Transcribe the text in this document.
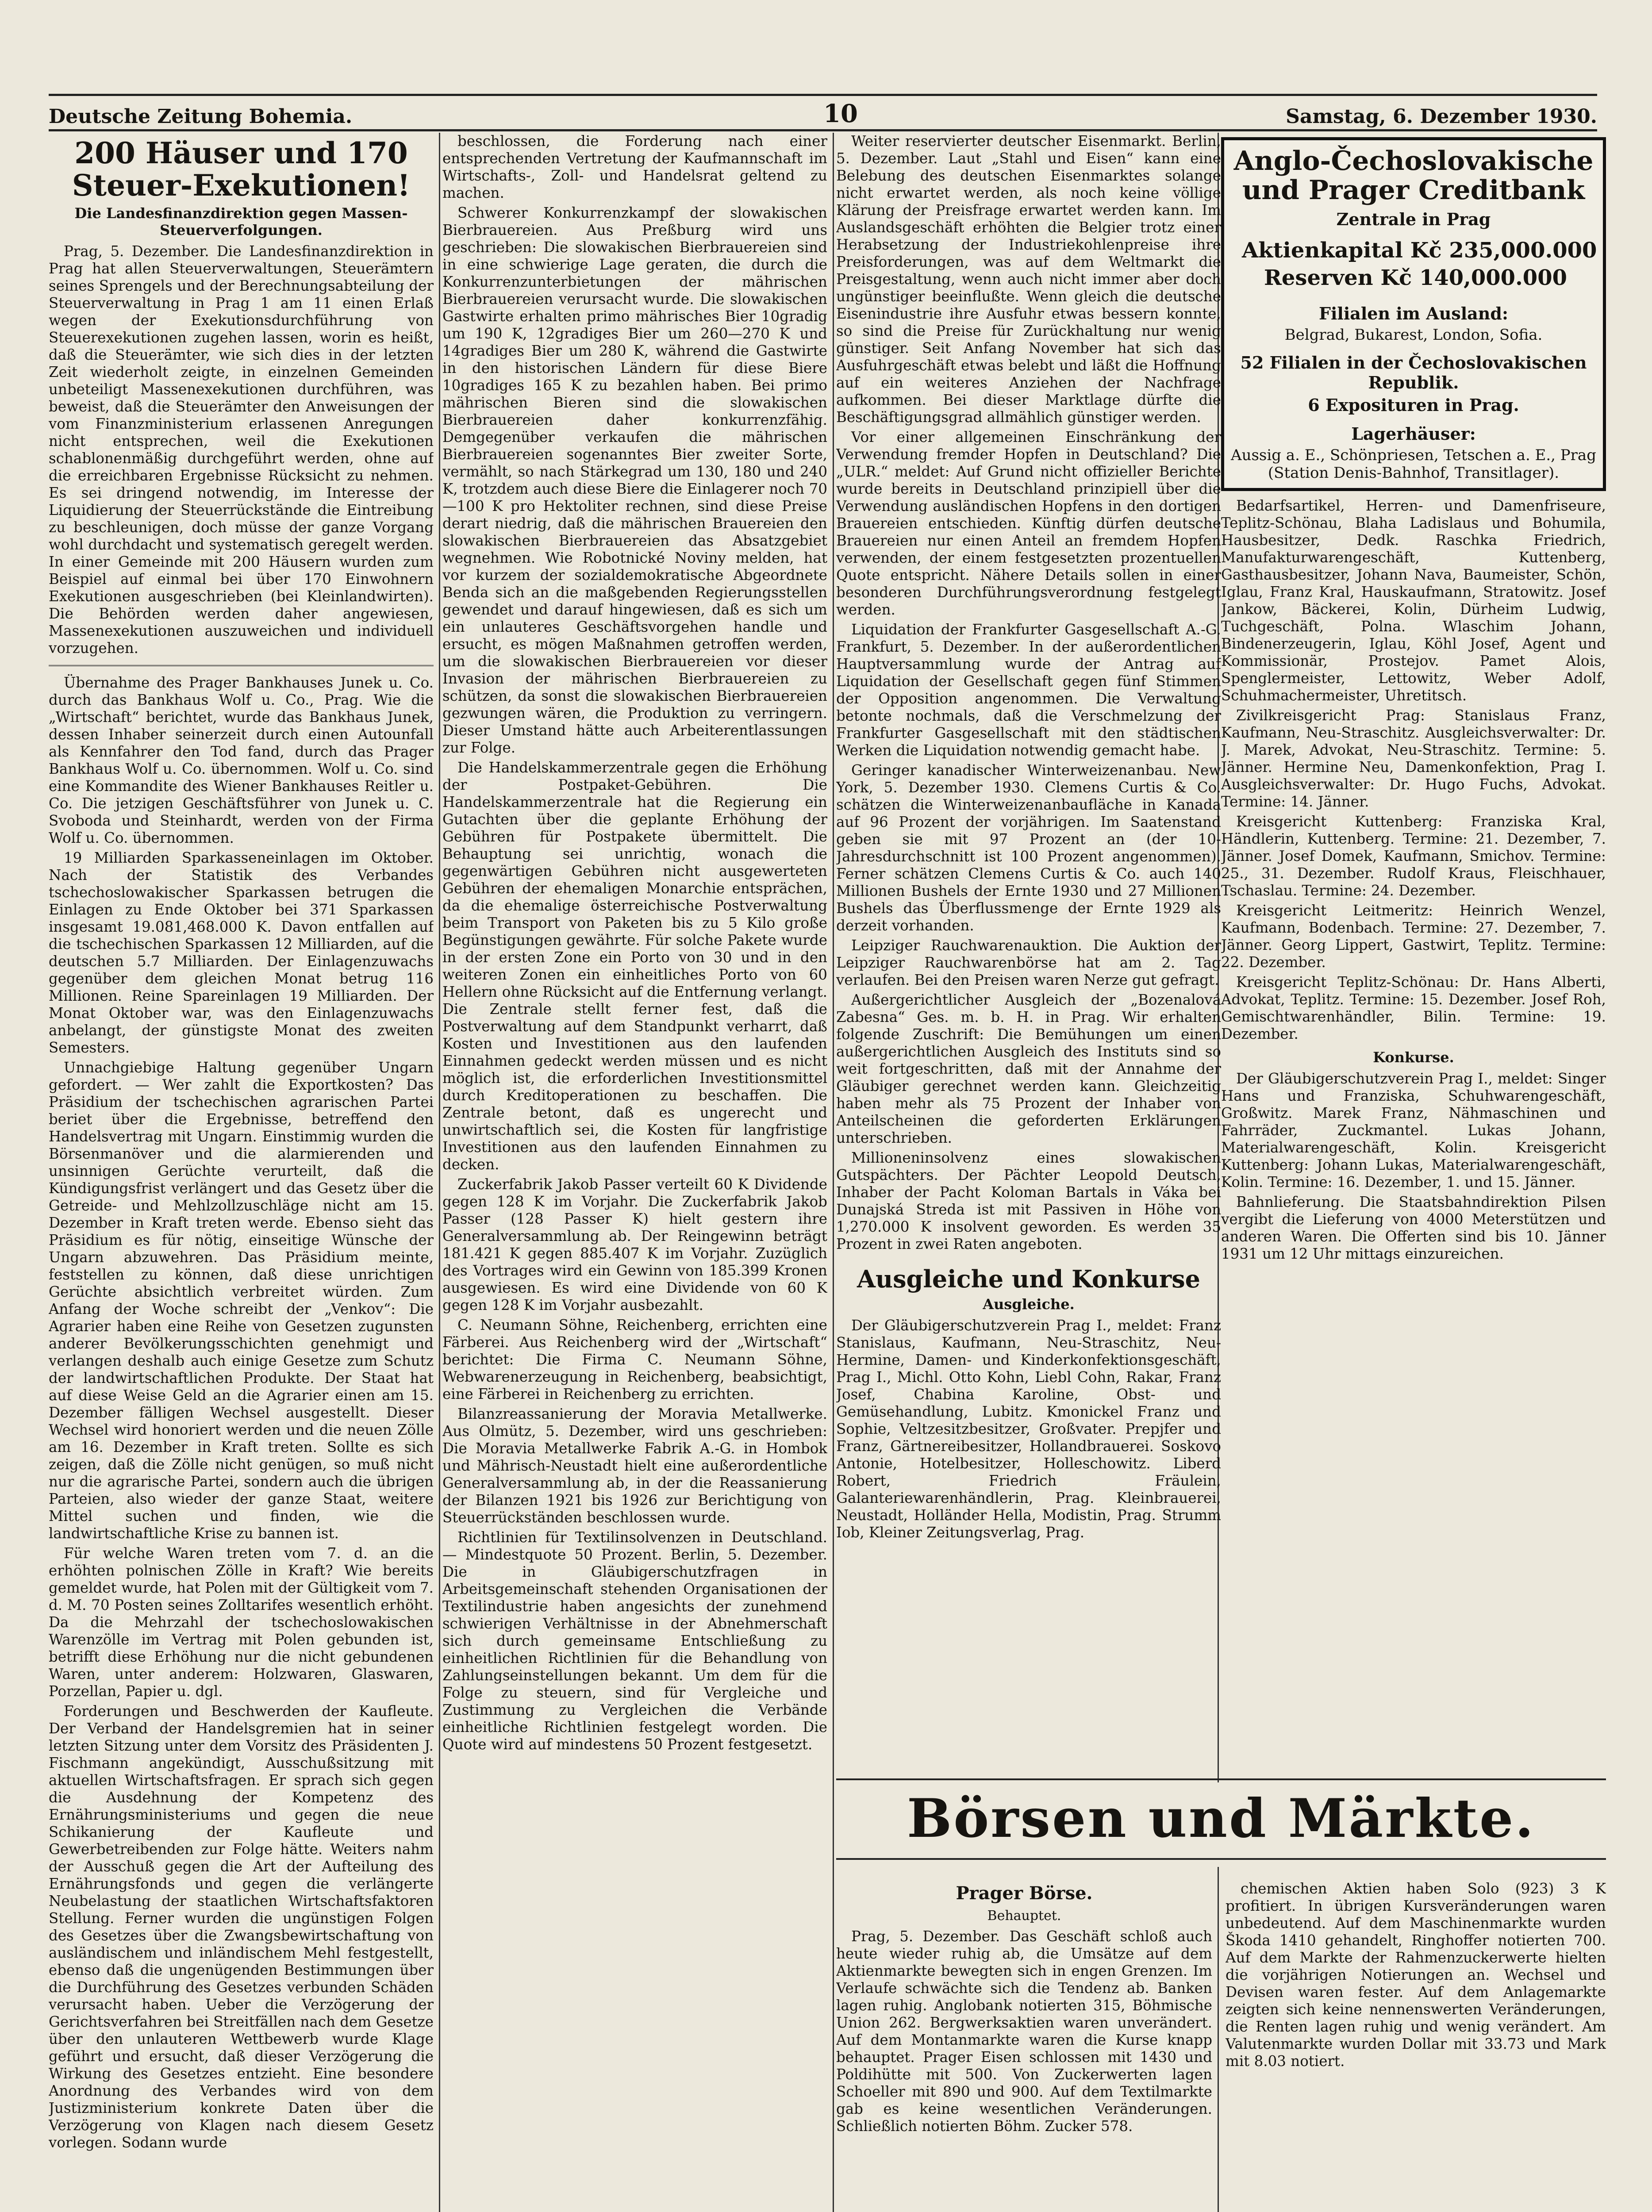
Deutsche Zeitung Bohemia.	10	Samstag, 6. Dezember 1930.
200 Häuser und 170 Steuer-Exekutionen!
Die Landesfinanzdirektion gegen Massen-Steuerverfolgungen.

Prag, 5. Dezember. Die Landesfinanzdirektion in Prag hat allen Steuerverwaltungen, Steuerämtern seines Sprengels und der Berechnungsabteilung der Steuerverwaltung in Prag 1 am 11 einen Erlaß wegen der Exekutionsdurchführung von Steuerexekutionen zugehen lassen, worin es heißt, daß die Steuerämter, wie sich dies in der letzten Zeit wiederholt zeigte, in einzelnen Gemeinden unbeteiligt Massenexekutionen durchführen, was beweist, daß die Steuerämter den Anweisungen der vom Finanzministerium erlassenen Anregungen nicht entsprechen, weil die Exekutionen schablonenmäßig durchgeführt werden, ohne auf die erreichbaren Ergebnisse Rücksicht zu nehmen. Es sei dringend notwendig, im Interesse der Liquidierung der Steuerrückstände die Eintreibung zu beschleunigen, doch müsse der ganze Vorgang wohl durchdacht und systematisch geregelt werden. In einer Gemeinde mit 200 Häusern wurden zum Beispiel auf einmal bei über 170 Einwohnern Exekutionen ausgeschrieben (bei Kleinlandwirten). Die Behörden werden daher angewiesen, Massenexekutionen auszuweichen und individuell vorzugehen.

Übernahme des Prager Bankhauses Junek u. Co. durch das Bankhaus Wolf u. Co., Prag. Wie die „Wirtschaft“ berichtet, wurde das Bankhaus Junek, dessen Inhaber seinerzeit durch einen Autounfall als Kennfahrer den Tod fand, durch das Prager Bankhaus Wolf u. Co. übernommen. Wolf u. Co. sind eine Kommandite des Wiener Bankhauses Reitler u. Co. Die jetzigen Geschäftsführer von Junek u. C. Svoboda und Steinhardt, werden von der Firma Wolf u. Co. übernommen.

19 Milliarden Sparkasseneinlagen im Oktober. Nach der Statistik des Verbandes tschechoslowakischer Sparkassen betrugen die Einlagen zu Ende Oktober bei 371 Sparkassen insgesamt 19.081,468.000 K. Davon entfallen auf die tschechischen Sparkassen 12 Milliarden, auf die deutschen 5.7 Milliarden. Der Einlagenzuwachs gegenüber dem gleichen Monat betrug 116 Millionen. Reine Spareinlagen 19 Milliarden. Der Monat Oktober war, was den Einlagenzuwachs anbelangt, der günstigste Monat des zweiten Semesters.

Unnachgiebige Haltung gegenüber Ungarn gefordert. — Wer zahlt die Exportkosten? Das Präsidium der tschechischen agrarischen Partei beriet über die Ergebnisse, betreffend den Handelsvertrag mit Ungarn. Einstimmig wurden die Börsenmanöver und die alarmierenden und unsinnigen Gerüchte verurteilt, daß die Kündigungsfrist verlängert und das Gesetz über die Getreide- und Mehlzollzuschläge nicht am 15. Dezember in Kraft treten werde. Ebenso sieht das Präsidium es für nötig, einseitige Wünsche der Ungarn abzuwehren. Das Präsidium meinte, feststellen zu können, daß diese unrichtigen Gerüchte absichtlich verbreitet würden. Zum Anfang der Woche schreibt der „Venkov“: Die Agrarier haben eine Reihe von Gesetzen zugunsten anderer Bevölkerungsschichten genehmigt und verlangen deshalb auch einige Gesetze zum Schutz der landwirtschaftlichen Produkte. Der Staat hat auf diese Weise Geld an die Agrarier einen am 15. Dezember fälligen Wechsel ausgestellt. Dieser Wechsel wird honoriert werden und die neuen Zölle am 16. Dezember in Kraft treten. Sollte es sich zeigen, daß die Zölle nicht genügen, so muß nicht nur die agrarische Partei, sondern auch die übrigen Parteien, also wieder der ganze Staat, weitere Mittel suchen und finden, wie die landwirtschaftliche Krise zu bannen ist.

Für welche Waren treten vom 7. d. an die erhöhten polnischen Zölle in Kraft? Wie bereits gemeldet wurde, hat Polen mit der Gültigkeit vom 7. d. M. 70 Posten seines Zolltarifes wesentlich erhöht. Da die Mehrzahl der tschechoslowakischen Warenzölle im Vertrag mit Polen gebunden ist, betrifft diese Erhöhung nur die nicht gebundenen Waren, unter anderem: Holzwaren, Glaswaren, Porzellan, Papier u. dgl.

Forderungen und Beschwerden der Kaufleute. Der Verband der Handelsgremien hat in seiner letzten Sitzung unter dem Vorsitz des Präsidenten J. Fischmann angekündigt, Ausschußsitzung mit aktuellen Wirtschaftsfragen. Er sprach sich gegen die Ausdehnung der Kompetenz des Ernährungsministeriums und gegen die neue Schikanierung der Kaufleute und Gewerbetreibenden zur Folge hätte. Weiters nahm der Ausschuß gegen die Art der Aufteilung des Ernährungsfonds und gegen die verlängerte Neubelastung der staatlichen Wirtschaftsfaktoren Stellung. Ferner wurden die ungünstigen Folgen des Gesetzes über die Zwangsbewirtschaftung von ausländischem und inländischem Mehl festgestellt, ebenso daß die ungenügenden Bestimmungen über die Durchführung des Gesetzes verbunden Schäden verursacht haben. Ueber die Verzögerung der Gerichtsverfahren bei Streitfällen nach dem Gesetze über den unlauteren Wettbewerb wurde Klage geführt und ersucht, daß dieser Verzögerung die Wirkung des Gesetzes entzieht. Eine besondere Anordnung des Verbandes wird von dem Justizministerium konkrete Daten über die Verzögerung von Klagen nach diesem Gesetz vorlegen. Sodann wurde

beschlossen, die Forderung nach einer entsprechenden Vertretung der Kaufmannschaft im Wirtschafts-, Zoll- und Handelsrat geltend zu machen.

Schwerer Konkurrenzkampf der slowakischen Bierbrauereien. Aus Preßburg wird uns geschrieben: Die slowakischen Bierbrauereien sind in eine schwierige Lage geraten, die durch die Konkurrenzunterbietungen der mährischen Bierbrauereien verursacht wurde. Die slowakischen Gastwirte erhalten primo mährisches Bier 10gradig um 190 K, 12gradiges Bier um 260—270 K und 14gradiges Bier um 280 K, während die Gastwirte in den historischen Ländern für diese Biere 10gradiges 165 K zu bezahlen haben. Bei primo mährischen Bieren sind die slowakischen Bierbrauereien daher konkurrenzfähig. Demgegenüber verkaufen die mährischen Bierbrauereien sogenanntes Bier zweiter Sorte, vermählt, so nach Stärkegrad um 130, 180 und 240 K, trotzdem auch diese Biere die Einlagerer noch 70—100 K pro Hektoliter rechnen, sind diese Preise derart niedrig, daß die mährischen Brauereien den slowakischen Bierbrauereien das Absatzgebiet wegnehmen. Wie Robotnické Noviny melden, hat vor kurzem der sozialdemokratische Abgeordnete Benda sich an die maßgebenden Regierungsstellen gewendet und darauf hingewiesen, daß es sich um ein unlauteres Geschäftsvorgehen handle und ersucht, es mögen Maßnahmen getroffen werden, um die slowakischen Bierbrauereien vor dieser Invasion der mährischen Bierbrauereien zu schützen, da sonst die slowakischen Bierbrauereien gezwungen wären, die Produktion zu verringern. Dieser Umstand hätte auch Arbeiterentlassungen zur Folge.

Die Handelskammerzentrale gegen die Erhöhung der Postpaket-Gebühren. Die Handelskammerzentrale hat die Regierung ein Gutachten über die geplante Erhöhung der Gebühren für Postpakete übermittelt. Die Behauptung sei unrichtig, wonach die gegenwärtigen Gebühren nicht ausgewerteten Gebühren der ehemaligen Monarchie entsprächen, da die ehemalige österreichische Postverwaltung beim Transport von Paketen bis zu 5 Kilo große Begünstigungen gewährte. Für solche Pakete wurde in der ersten Zone ein Porto von 30 und in den weiteren Zonen ein einheitliches Porto von 60 Hellern ohne Rücksicht auf die Entfernung verlangt. Die Zentrale stellt ferner fest, daß die Postverwaltung auf dem Standpunkt verharrt, daß Kosten und Investitionen aus den laufenden Einnahmen gedeckt werden müssen und es nicht möglich ist, die erforderlichen Investitionsmittel durch Kreditoperationen zu beschaffen. Die Zentrale betont, daß es ungerecht und unwirtschaftlich sei, die Kosten für langfristige Investitionen aus den laufenden Einnahmen zu decken.

Zuckerfabrik Jakob Passer verteilt 60 K Dividende gegen 128 K im Vorjahr. Die Zuckerfabrik Jakob Passer (128 Passer K) hielt gestern ihre Generalversammlung ab. Der Reingewinn beträgt 181.421 K gegen 885.407 K im Vorjahr. Zuzüglich des Vortrages wird ein Gewinn von 185.399 Kronen ausgewiesen. Es wird eine Dividende von 60 K gegen 128 K im Vorjahr ausbezahlt.

C. Neumann Söhne, Reichenberg, errichten eine Färberei. Aus Reichenberg wird der „Wirtschaft“ berichtet: Die Firma C. Neumann Söhne, Webwarenerzeugung in Reichenberg, beabsichtigt, eine Färberei in Reichenberg zu errichten.

Bilanzreassanierung der Moravia Metallwerke. Aus Olmütz, 5. Dezember, wird uns geschrieben: Die Moravia Metallwerke Fabrik A.-G. in Hombok und Mährisch-Neustadt hielt eine außerordentliche Generalversammlung ab, in der die Reassanierung der Bilanzen 1921 bis 1926 zur Berichtigung von Steuerrückständen beschlossen wurde.

Richtlinien für Textilinsolvenzen in Deutschland. — Mindestquote 50 Prozent. Berlin, 5. Dezember. Die in Gläubigerschutzfragen in Arbeitsgemeinschaft stehenden Organisationen der Textilindustrie haben angesichts der zunehmend schwierigen Verhältnisse in der Abnehmerschaft sich durch gemeinsame Entschließung zu einheitlichen Richtlinien für die Behandlung von Zahlungseinstellungen bekannt. Um dem für die Folge zu steuern, sind für Vergleiche und Zustimmung zu Vergleichen die Verbände einheitliche Richtlinien festgelegt worden. Die Quote wird auf mindestens 50 Prozent festgesetzt.

Weiter reservierter deutscher Eisenmarkt. Berlin, 5. Dezember. Laut „Stahl und Eisen“ kann eine Belebung des deutschen Eisenmarktes solange nicht erwartet werden, als noch keine völlige Klärung der Preisfrage erwartet werden kann. Im Auslandsgeschäft erhöhten die Belgier trotz einer Herabsetzung der Industriekohlenpreise ihre Preisforderungen, was auf dem Weltmarkt die Preisgestaltung, wenn auch nicht immer aber doch ungünstiger beeinflußte. Wenn gleich die deutsche Eisenindustrie ihre Ausfuhr etwas bessern konnte, so sind die Preise für Zurückhaltung nur wenig günstiger. Seit Anfang November hat sich das Ausfuhrgeschäft etwas belebt und läßt die Hoffnung auf ein weiteres Anziehen der Nachfrage aufkommen. Bei dieser Marktlage dürfte die Beschäftigungsgrad allmählich günstiger werden.

Vor einer allgemeinen Einschränkung der Verwendung fremder Hopfen in Deutschland? Die „ULR.“ meldet: Auf Grund nicht offizieller Berichte wurde bereits in Deutschland prinzipiell über die Verwendung ausländischen Hopfens in den dortigen Brauereien entschieden. Künftig dürfen deutsche Brauereien nur einen Anteil an fremdem Hopfen verwenden, der einem festgesetzten prozentuellen Quote entspricht. Nähere Details sollen in einer besonderen Durchführungsverordnung festgelegt werden.

Liquidation der Frankfurter Gasgesellschaft A.-G. Frankfurt, 5. Dezember. In der außerordentlichen Hauptversammlung wurde der Antrag auf Liquidation der Gesellschaft gegen fünf Stimmen der Opposition angenommen. Die Verwaltung betonte nochmals, daß die Verschmelzung der Frankfurter Gasgesellschaft mit den städtischen Werken die Liquidation notwendig gemacht habe.

Geringer kanadischer Winterweizenanbau. New York, 5. Dezember 1930. Clemens Curtis & Co. schätzen die Winterweizenanbaufläche in Kanada auf 96 Prozent der vorjährigen. Im Saatenstand geben sie mit 97 Prozent an (der 10-Jahresdurchschnitt ist 100 Prozent angenommen). Ferner schätzen Clemens Curtis & Co. auch 140 Millionen Bushels der Ernte 1930 und 27 Millionen Bushels das Überflussmenge der Ernte 1929 als derzeit vorhanden.

Leipziger Rauchwarenauktion. Die Auktion der Leipziger Rauchwarenbörse hat am 2. Tag verlaufen. Bei den Preisen waren Nerze gut gefragt.

Außergerichtlicher Ausgleich der „Bozenalová Zabesna“ Ges. m. b. H. in Prag. Wir erhalten folgende Zuschrift: Die Bemühungen um einen außergerichtlichen Ausgleich des Instituts sind so weit fortgeschritten, daß mit der Annahme der Gläubiger gerechnet werden kann. Gleichzeitig haben mehr als 75 Prozent der Inhaber von Anteilscheinen die geforderten Erklärungen unterschrieben.

Millioneninsolvenz eines slowakischen Gutspächters. Der Pächter Leopold Deutsch, Inhaber der Pacht Koloman Bartals in Váka bei Dunajská Streda ist mit Passiven in Höhe von 1,270.000 K insolvent geworden. Es werden 35 Prozent in zwei Raten angeboten.

Ausgleiche und Konkurse
Ausgleiche.

Der Gläubigerschutzverein Prag I., meldet: Franz Stanislaus, Kaufmann, Neu-Straschitz, Neu-Hermine, Damen- und Kinderkonfektionsgeschäft, Prag I., Michl. Otto Kohn, Liebl Cohn, Rakar, Franz Josef, Chabina Karoline, Obst- und Gemüsehandlung, Lubitz. Kmonickel Franz und Sophie, Veltzesitzbesitzer, Großvater. Prepjfer und Franz, Gärtnereibesitzer, Hollandbrauerei. Soskovo Antonie, Hotelbesitzer, Holleschowitz. Liberd Robert, Friedrich Fräulein, Galanteriewarenhändlerin, Prag. Kleinbrauerei, Neustadt, Holländer Hella, Modistin, Prag. Strumm Iob, Kleiner Zeitungsverlag, Prag.

Anglo-Čechoslovakische und Prager Creditbank
Zentrale in Prag
Aktienkapital Kč 235,000.000
Reserven Kč 140,000.000
Filialen im Ausland:
Belgrad, Bukarest, London, Sofia.
52 Filialen in der Čechoslovakischen Republik.
6 Exposituren in Prag.
Lagerhäuser:
Aussig a. E., Schönpriesen, Tetschen a. E., Prag (Station Denis-Bahnhof, Transitlager).

Bedarfsartikel, Herren- und Damenfriseure, Teplitz-Schönau, Blaha Ladislaus und Bohumila, Hausbesitzer, Dedk. Raschka Friedrich, Manufakturwarengeschäft, Kuttenberg, Gasthausbesitzer, Johann Nava, Baumeister, Schön, Iglau, Franz Kral, Hauskaufmann, Stratowitz. Josef Jankow, Bäckerei, Kolin, Dürheim Ludwig, Tuchgeschäft, Polna. Wlaschim Johann, Bindenerzeugerin, Iglau, Köhl Josef, Agent und Kommissionär, Prostejov. Pamet Alois, Spenglermeister, Lettowitz, Weber Adolf, Schuhmachermeister, Uhretitsch.

Zivilkreisgericht Prag: Stanislaus Franz, Kaufmann, Neu-Straschitz. Ausgleichsverwalter: Dr. J. Marek, Advokat, Neu-Straschitz. Termine: 5. Jänner. Hermine Neu, Damenkonfektion, Prag I. Ausgleichsverwalter: Dr. Hugo Fuchs, Advokat. Termine: 14. Jänner.

Kreisgericht Kuttenberg: Franziska Kral, Händlerin, Kuttenberg. Termine: 21. Dezember, 7. Jänner. Josef Domek, Kaufmann, Smichov. Termine: 25., 31. Dezember. Rudolf Kraus, Fleischhauer, Tschaslau. Termine: 24. Dezember.

Kreisgericht Leitmeritz: Heinrich Wenzel, Kaufmann, Bodenbach. Termine: 27. Dezember, 7. Jänner. Georg Lippert, Gastwirt, Teplitz. Termine: 22. Dezember.

Kreisgericht Teplitz-Schönau: Dr. Hans Alberti, Advokat, Teplitz. Termine: 15. Dezember. Josef Roh, Gemischtwarenhändler, Bilin. Termine: 19. Dezember.

Konkurse.

Der Gläubigerschutzverein Prag I., meldet: Singer Hans und Franziska, Schuhwarengeschäft, Großwitz. Marek Franz, Nähmaschinen und Fahrräder, Zuckmantel. Lukas Johann, Materialwarengeschäft, Kolin. Kreisgericht Kuttenberg: Johann Lukas, Materialwarengeschäft, Kolin. Termine: 16. Dezember, 1. und 15. Jänner.

Bahnlieferung. Die Staatsbahndirektion Pilsen vergibt die Lieferung von 4000 Meterstützen und anderen Waren. Die Offerten sind bis 10. Jänner 1931 um 12 Uhr mittags einzureichen.

Börsen und Märkte.
Prager Börse.
Behauptet.

Prag, 5. Dezember. Das Geschäft schloß auch heute wieder ruhig ab, die Umsätze auf dem Aktienmarkte bewegten sich in engen Grenzen. Im Verlaufe schwächte sich die Tendenz ab. Banken lagen ruhig. Anglobank notierten 315, Böhmische Union 262. Bergwerksaktien waren unverändert. Auf dem Montanmarkte waren die Kurse knapp behauptet. Prager Eisen schlossen mit 1430 und Poldihütte mit 500. Von Zuckerwerten lagen Schoeller mit 890 und 900. Auf dem Textilmarkte gab es keine wesentlichen Veränderungen. Schließlich notierten Böhm. Zucker 578.

chemischen Aktien haben Solo (923) 3 K profitiert. In übrigen Kursveränderungen waren unbedeutend. Auf dem Maschinenmarkte wurden Škoda 1410 gehandelt, Ringhoffer notierten 700. Auf dem Markte der Rahmenzuckerwerte hielten die vorjährigen Notierungen an. Wechsel und Devisen waren fester. Auf dem Anlagemarkte zeigten sich keine nennenswerten Veränderungen, die Renten lagen ruhig und wenig verändert. Am Valutenmarkte wurden Dollar mit 33.73 und Mark mit 8.03 notiert.
